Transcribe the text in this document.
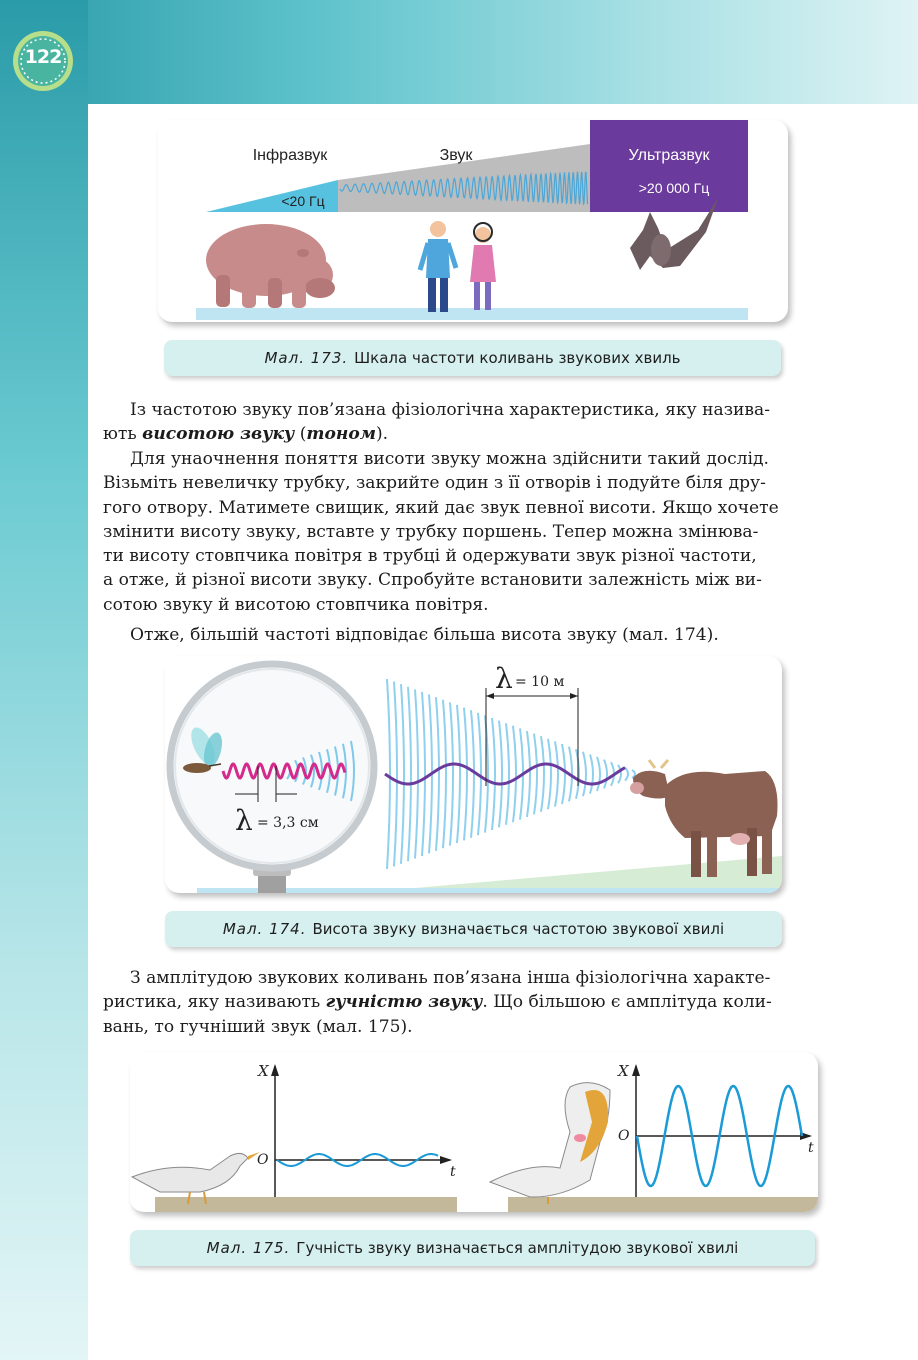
122
Інфразвук	Звук	Ультразвук
<20 Гц
>20 000 Гц
Мал. 173. Шкала частоти коливань звукових хвиль
Із частотою звуку пов’язана фізіологічна характеристика, яку назива-
ють висотою звуку (тоном).
Для унаочнення поняття висоти звуку можна здійснити такий дослід.
Візьміть невеличку трубку, закрийте один з її отворів і подуйте біля дру-
гого отвору. Матимете свищик, який дає звук певної висоти. Якщо хочете
змінити висоту звуку, вставте у трубку поршень. Тепер можна змінюва-
ти висоту стовпчика повітря в трубці й одержувати звук різної частоти,
а отже, й різної висоти звуку. Спробуйте встановити залежність між ви-
сотою звуку й висотою стовпчика повітря.
Отже, більшій частоті відповідає більша висота звуку (мал. 174).
λ = 3,3 см
λ = 10 м
Мал. 174. Висота звуку визначається частотою звукової хвилі
З амплітудою звукових коливань пов’язана інша фізіологічна характе-
ристика, яку називають гучністю звуку. Що більшою є амплітуда коли-
вань, то гучніший звук (мал. 175).
X
O
t
X
O
t
Мал. 175. Гучність звуку визначається амплітудою звукової хвилі
